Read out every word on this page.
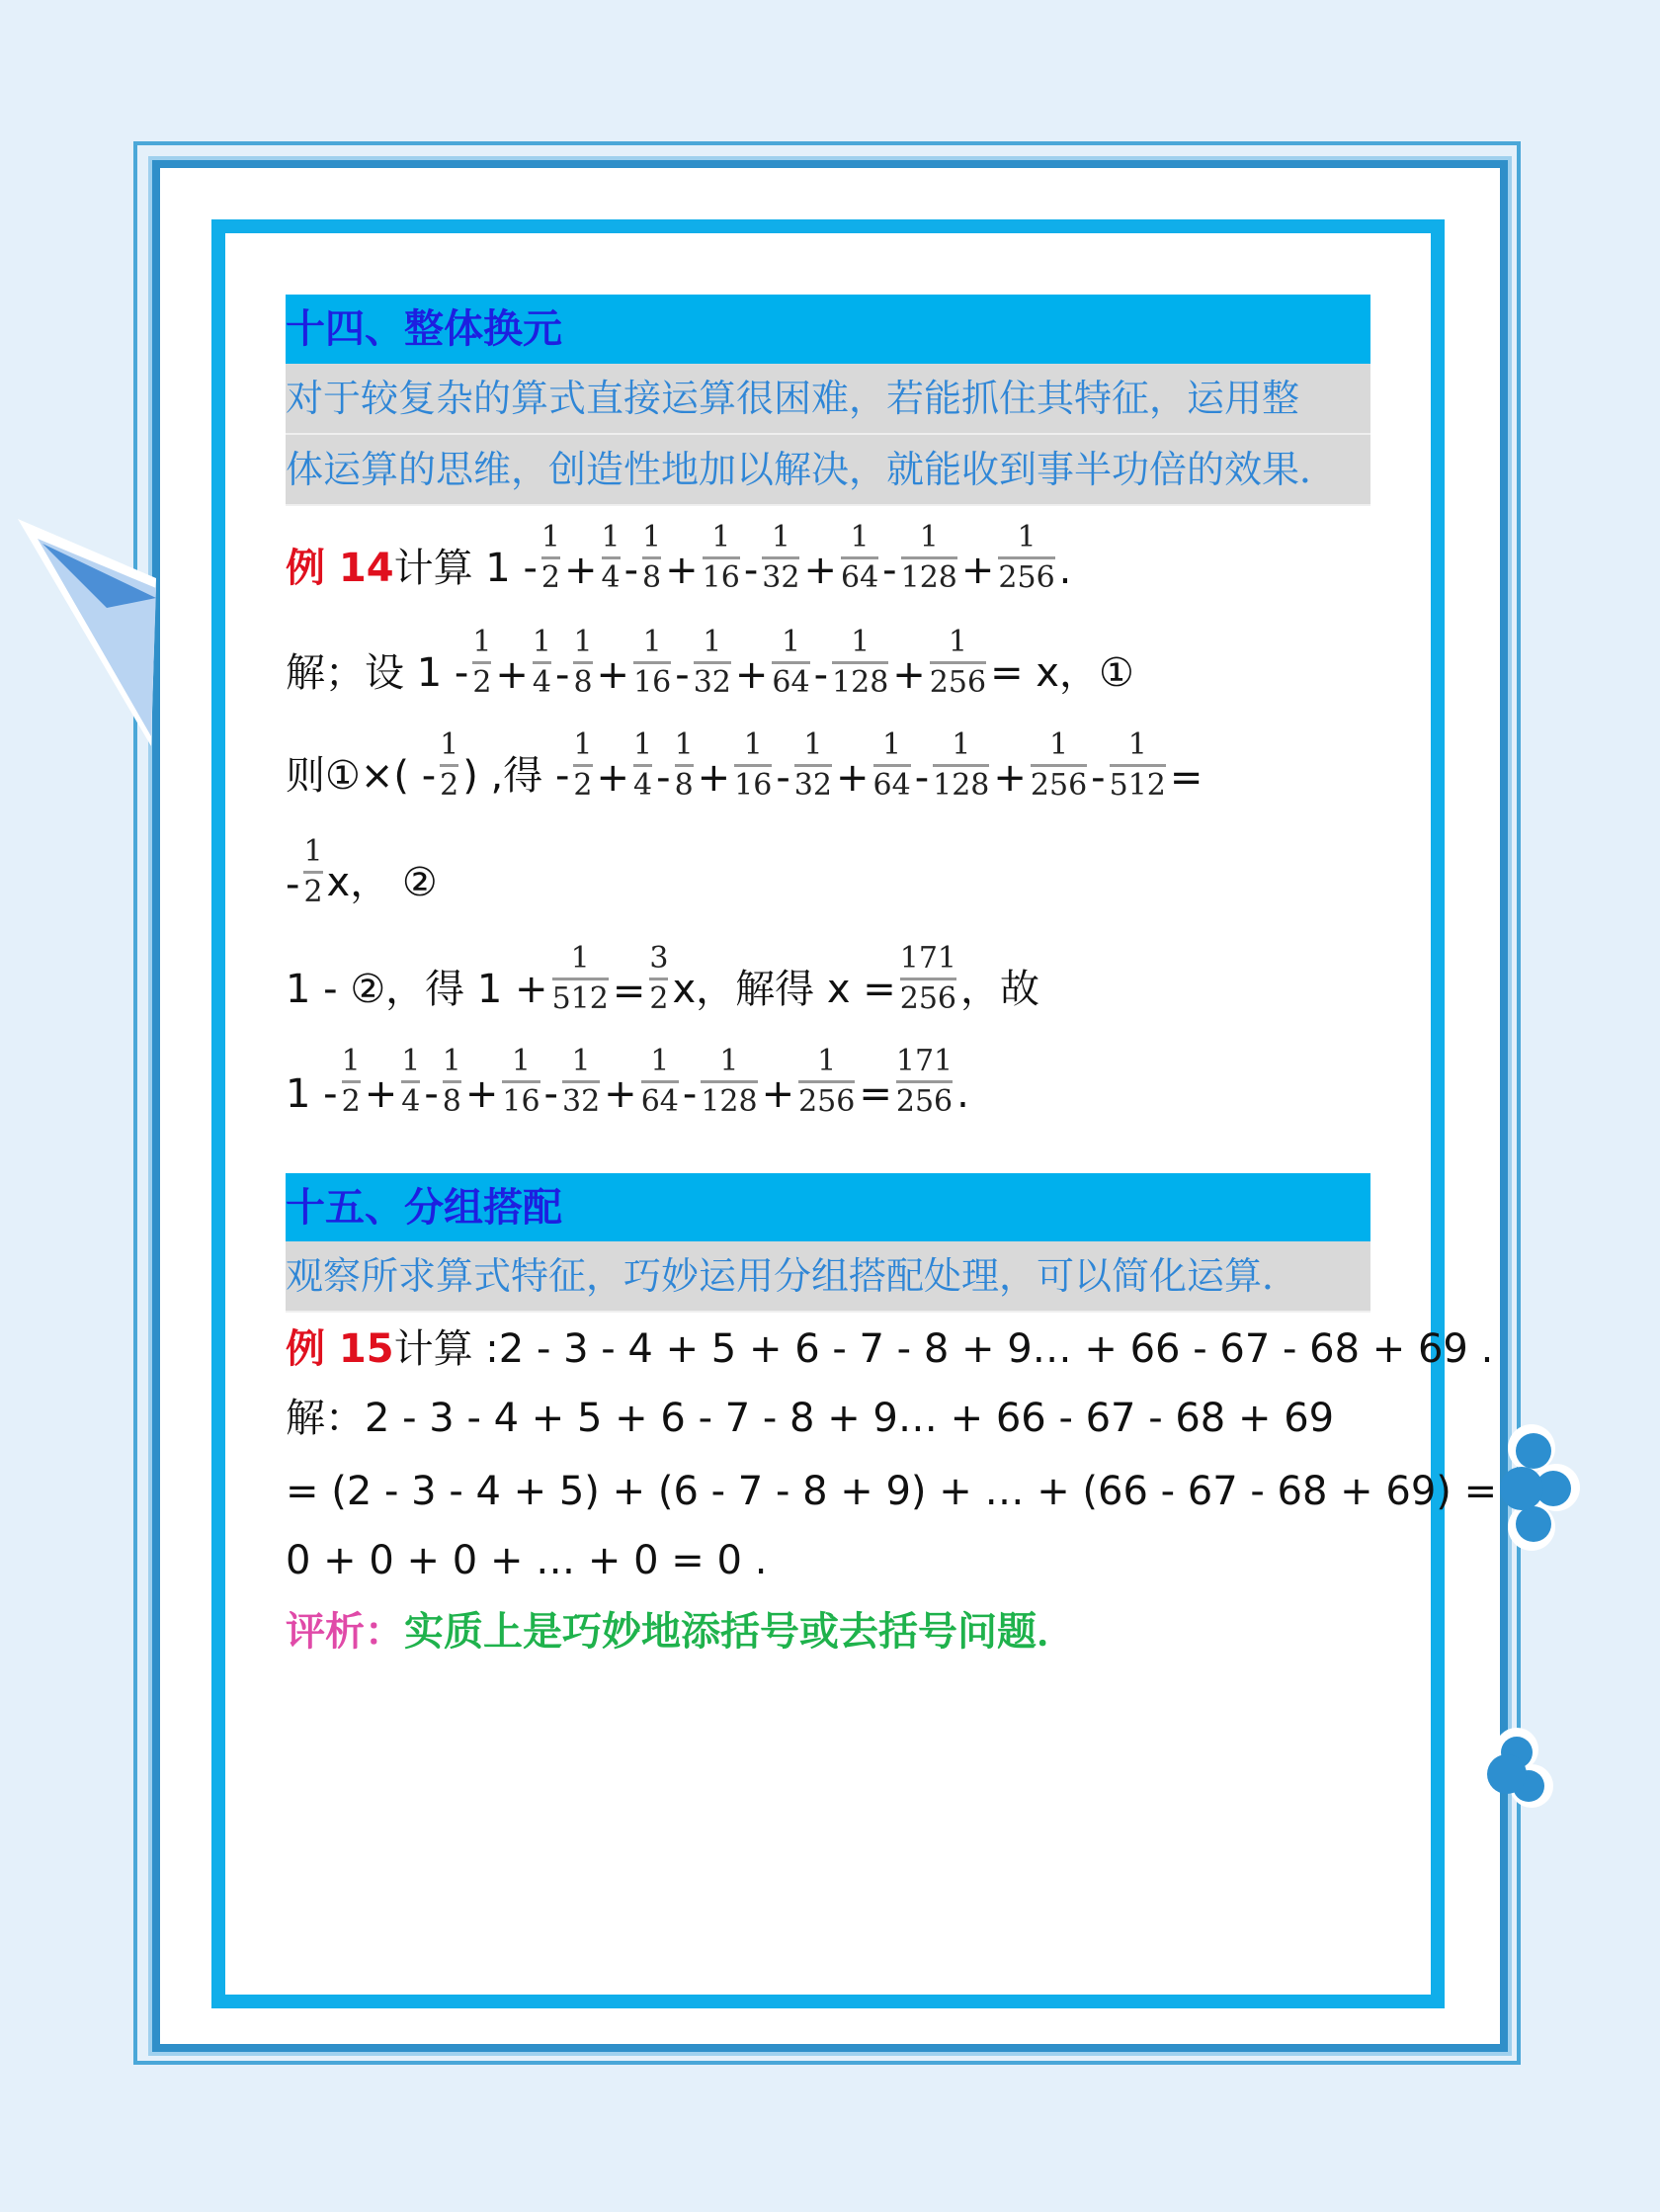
十四、整体换元
对于较复杂的算式直接运算很困难，若能抓住其特征，运用整
体运算的思维，创造性地加以解决，就能收到事半功倍的效果．
例 14 计算 $1 - \frac{1}{2} + \frac{1}{4} - \frac{1}{8} + \frac{1}{16} - \frac{1}{32} + \frac{1}{64} - \frac{1}{128} + \frac{1}{256}$ .
解；设 $1 - \frac{1}{2} + \frac{1}{4} - \frac{1}{8} + \frac{1}{16} - \frac{1}{32} + \frac{1}{64} - \frac{1}{128} + \frac{1}{256} = x$，①
则①×( - $\frac{1}{2}$ ) ,得 - $\frac{1}{2} + \frac{1}{4} - \frac{1}{8} + \frac{1}{16} - \frac{1}{32} + \frac{1}{64} - \frac{1}{128} + \frac{1}{256} - \frac{1}{512}$ =
- $\frac{1}{2}$ x， ②
1 - ②，得 $1 + \frac{1}{512} = \frac{3}{2}$ x，解得 $x = \frac{171}{256}$ ，故
$1 - \frac{1}{2} + \frac{1}{4} - \frac{1}{8} + \frac{1}{16} - \frac{1}{32} + \frac{1}{64} - \frac{1}{128} + \frac{1}{256} = \frac{171}{256}$ .
十五、分组搭配
观察所求算式特征，巧妙运用分组搭配处理，可以简化运算．
例 15 计算 :2 - 3 - 4 + 5 + 6 - 7 - 8 + 9… + 66 - 67 - 68 + 69 .
解：2 - 3 - 4 + 5 + 6 - 7 - 8 + 9… + 66 - 67 - 68 + 69
= (2 - 3 - 4 + 5) + (6 - 7 - 8 + 9) + … + (66 - 67 - 68 + 69) =
0 + 0 + 0 + … + 0 = 0 .
评析： 实质上是巧妙地添括号或去括号问题．
